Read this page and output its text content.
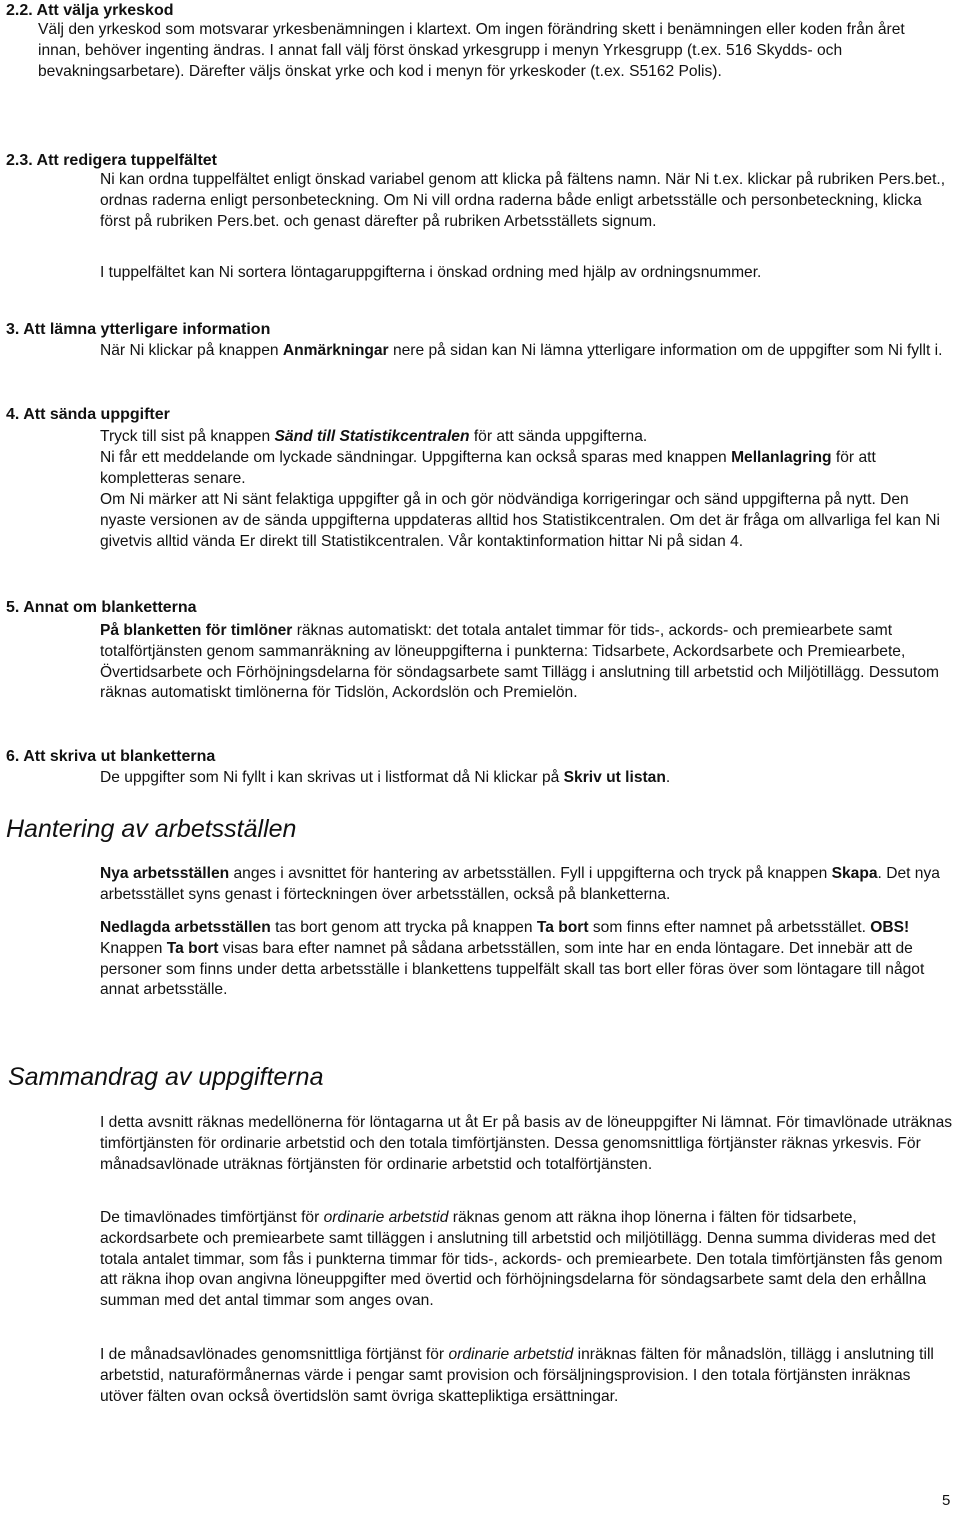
2.2. Att välja yrkeskod

Välj den yrkeskod som motsvarar yrkesbenämningen i klartext. Om ingen förändring skett i benämningen eller koden från året innan, behöver ingenting ändras. I annat fall välj först önskad yrkesgrupp i menyn Yrkesgrupp (t.ex. 516 Skydds- och bevakningsarbetare). Därefter väljs önskat yrke och kod i menyn för yrkeskoder (t.ex. S5162 Polis).

2.3. Att redigera tuppelfältet

Ni kan ordna tuppelfältet enligt önskad variabel genom att klicka på fältens namn. När Ni t.ex. klickar på rubriken Pers.bet., ordnas raderna enligt personbeteckning. Om Ni vill ordna raderna både enligt arbetsställe och personbeteckning, klicka först på rubriken Pers.bet. och genast därefter på rubriken Arbetsställets signum.

I tuppelfältet kan Ni sortera löntagaruppgifterna i önskad ordning med hjälp av ordningsnummer.

3. Att lämna ytterligare information

När Ni klickar på knappen Anmärkningar nere på sidan kan Ni lämna ytterligare information om de uppgifter som Ni fyllt i.

4. Att sända uppgifter

Tryck till sist på knappen Sänd till Statistikcentralen för att sända uppgifterna.

Ni får ett meddelande om lyckade sändningar. Uppgifterna kan också sparas med knappen Mellanlagring för att kompletteras senare.

Om Ni märker att Ni sänt felaktiga uppgifter gå in och gör nödvändiga korrigeringar och sänd uppgifterna på nytt. Den nyaste versionen av de sända uppgifterna uppdateras alltid hos Statistikcentralen. Om det är fråga om allvarliga fel kan Ni givetvis alltid vända Er direkt till Statistikcentralen. Vår kontaktinformation hittar Ni på sidan 4.

5. Annat om blanketterna

På blanketten för timlöner räknas automatiskt: det totala antalet timmar för tids-, ackords- och premiearbete samt totalförtjänsten genom sammanräkning av löneuppgifterna i punkterna: Tidsarbete, Ackordsarbete och Premiearbete, Övertidsarbete och Förhöjningsdelarna för söndagsarbete samt Tillägg i anslutning till arbetstid och Miljötillägg. Dessutom räknas automatiskt timlönerna för Tidslön, Ackordslön och Premielön.

6. Att skriva ut blanketterna

De uppgifter som Ni fyllt i kan skrivas ut i listformat då Ni klickar på Skriv ut listan.

Hantering av arbetsställen

Nya arbetsställen anges i avsnittet för hantering av arbetsställen. Fyll i uppgifterna och tryck på knappen Skapa. Det nya arbetsstället syns genast i förteckningen över arbetsställen, också på blanketterna.

Nedlagda arbetsställen tas bort genom att trycka på knappen Ta bort som finns efter namnet på arbetsstället. OBS! Knappen Ta bort visas bara efter namnet på sådana arbetsställen, som inte har en enda löntagare. Det innebär att de personer som finns under detta arbetsställe i blankettens tuppelfält skall tas bort eller föras över som löntagare till något annat arbetsställe.

Sammandrag av uppgifterna

I detta avsnitt räknas medellönerna för löntagarna ut åt Er på basis av de löneuppgifter Ni lämnat. För timavlönade uträknas timförtjänsten för ordinarie arbetstid och den totala timförtjänsten. Dessa genomsnittliga förtjänster räknas yrkesvis. För månadsavlönade uträknas förtjänsten för ordinarie arbetstid och totalförtjänsten.

De timavlönades timförtjänst för ordinarie arbetstid räknas genom att räkna ihop lönerna i fälten för tidsarbete, ackordsarbete och premiearbete samt tilläggen i anslutning till arbetstid och miljötillägg. Denna summa divideras med det totala antalet timmar, som fås i punkterna timmar för tids-, ackords- och premiearbete. Den totala timförtjänsten fås genom att räkna ihop ovan angivna löneuppgifter med övertid och förhöjningsdelarna för söndagsarbete samt dela den erhållna summan med det antal timmar som anges ovan.

I de månadsavlönades genomsnittliga förtjänst för ordinarie arbetstid inräknas fälten för månadslön, tillägg i anslutning till arbetstid, naturaförmånernas värde i pengar samt provision och försäljningsprovision. I den totala förtjänsten inräknas utöver fälten ovan också övertidslön samt övriga skattepliktiga ersättningar.

5
